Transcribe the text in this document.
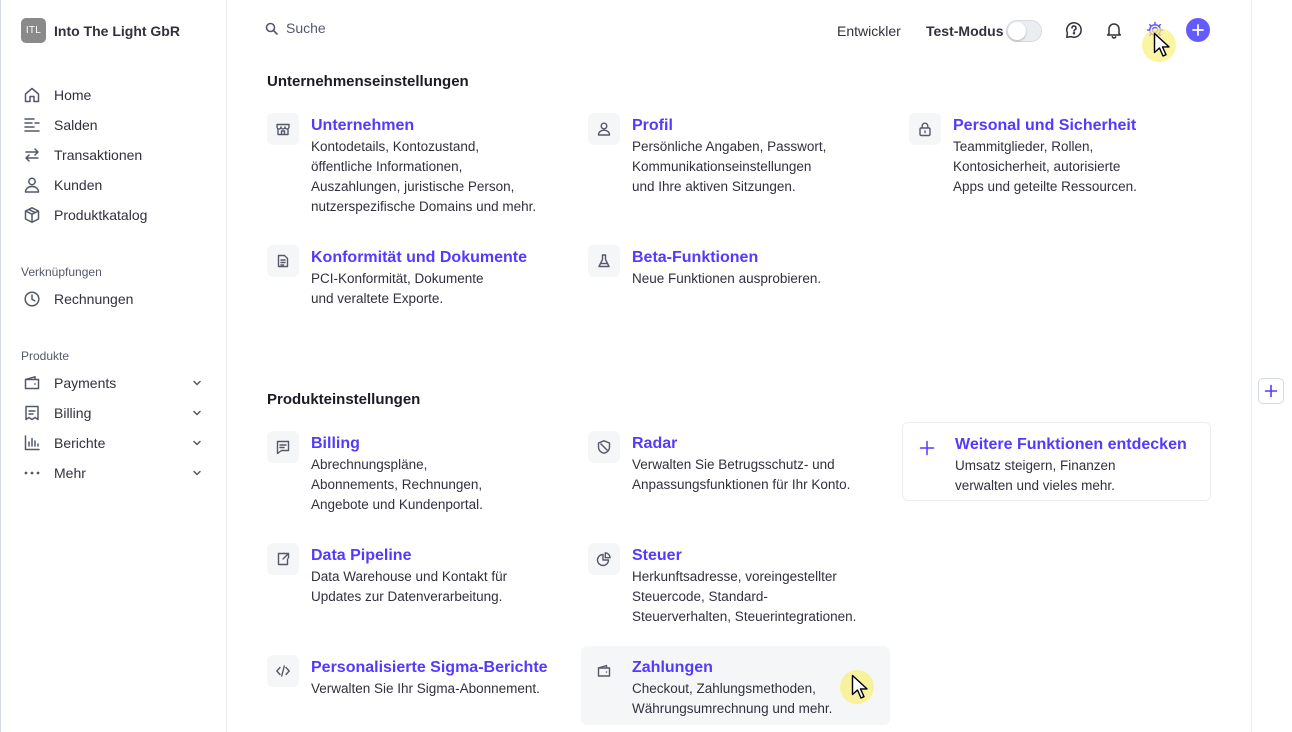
ITL Into The Light GbR
Home
Salden
Transaktionen
Kunden
Produktkatalog
Verknüpfungen
Rechnungen
Produkte
Payments
Billing
Berichte
Mehr
Suche	Entwickler Test-Modus
Unternehmenseinstellungen
Unternehmen
Kontodetails, Kontozustand,
öffentliche Informationen,
Auszahlungen, juristische Person,
nutzerspezifische Domains und mehr.
Profil
Persönliche Angaben, Passwort,
Kommunikationseinstellungen
und Ihre aktiven Sitzungen.
Personal und Sicherheit
Teammitglieder, Rollen,
Kontosicherheit, autorisierte
Apps und geteilte Ressourcen.
Konformität und Dokumente
PCI-Konformität, Dokumente
und veraltete Exporte.
Beta-Funktionen
Neue Funktionen ausprobieren.
Produkteinstellungen
Billing
Abrechnungspläne,
Abonnements, Rechnungen,
Angebote und Kundenportal.
Radar
Verwalten Sie Betrugsschutz- und
Anpassungsfunktionen für Ihr Konto.
Weitere Funktionen entdecken
Umsatz steigern, Finanzen
verwalten und vieles mehr.
Data Pipeline
Data Warehouse und Kontakt für
Updates zur Datenverarbeitung.
Steuer
Herkunftsadresse, voreingestellter
Steuercode, Standard-
Steuerverhalten, Steuerintegrationen.
Personalisierte Sigma-Berichte
Verwalten Sie Ihr Sigma-Abonnement.
Zahlungen
Checkout, Zahlungsmethoden,
Währungsumrechnung und mehr.
